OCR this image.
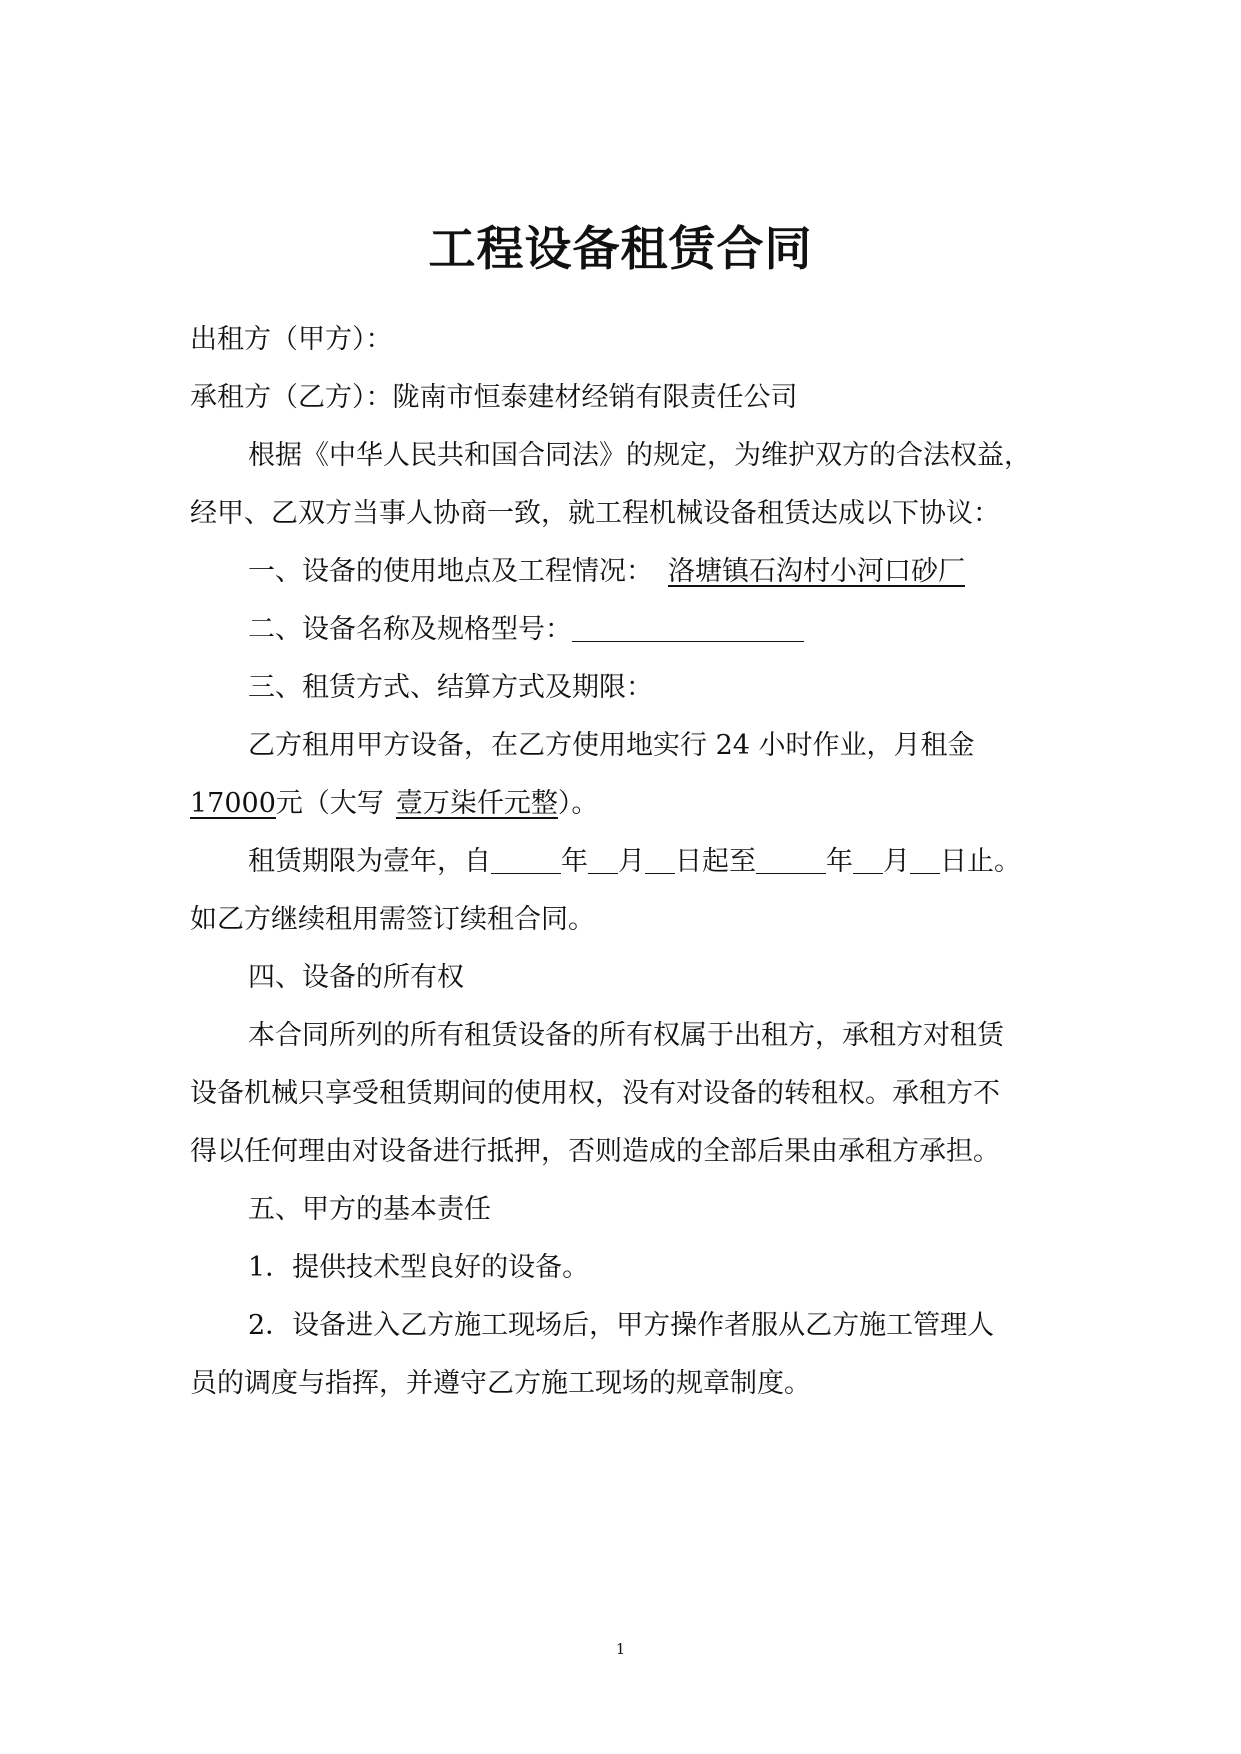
工程设备租赁合同
出租方（甲方）：
承租方（乙方）：陇南市恒泰建材经销有限责任公司
根据《中华人民共和国合同法》的规定，为维护双方的合法权益，
经甲、乙双方当事人协商一致，就工程机械设备租赁达成以下协议：
一、设备的使用地点及工程情况： 洛塘镇石沟村小河口砂厂
二、设备名称及规格型号：
三、租赁方式、结算方式及期限：
乙方租用甲方设备，在乙方使用地实行 24 小时作业，月租金
17000元（大写 壹万柒仟元整）。
租赁期限为壹年，自	年 月 日起至	年 月 日止。
如乙方继续租用需签订续租合同。
四、设备的所有权
本合同所列的所有租赁设备的所有权属于出租方，承租方对租赁
设备机械只享受租赁期间的使用权，没有对设备的转租权。承租方不
得以任何理由对设备进行抵押，否则造成的全部后果由承租方承担。
五、甲方的基本责任
1．提供技术型良好的设备。
2．设备进入乙方施工现场后，甲方操作者服从乙方施工管理人
员的调度与指挥，并遵守乙方施工现场的规章制度。
1
